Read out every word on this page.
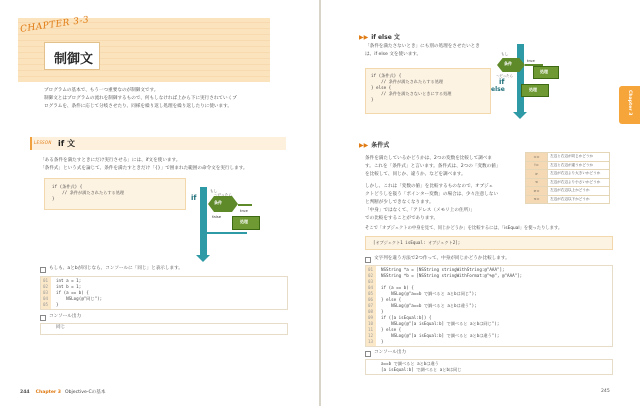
CHAPTER 3-3
制御文
プログラムの基本で、もう一つ重要なのが制御文です。
制御文とはプログラムの流れを制御するもので、何もしなければ上から下に実行されていくプ
ログラムを、条件に応じて分岐させたり、同様を繰り返し処理を繰り返したりに使います。
LESSON if 文
「ある条件を満たすときにだけ実行させる」には、if文を使います。
「条件式」という式を論じて、条件を満たすときだけ「{}」で囲まれた範囲の命令文を実行します。
if (条件式) {
// 条件が満たされたらする処理
}
条件
if
もし
〜だったら
true
false
処理
もしも、aとbが同じなら、コンソールに「同じ」と表示します。
01
02
03
04
05
int a = 1;
int b = 1;
if (a == b) {
NSLog(@"同じ");
}
コンソール出力
同じ
244 Chapter 3 Objective-Cの基本
▶▶ if else 文
「条件を満たさないとき」にも別の処理をさせたいとき
は、if else 文を使います。
if (条件式) {
// 条件が満たされたらする処理
} else {
// 条件を満たさないときにする処理
}
条件
もし
〜だったら
if
else
true
処理
処理
Chapter 3
▶▶ 条件式
条件を満たしているかどうかは、2つの変数を比較して調べま
す。これを「条件式」と言います。条件式は、2つの「変数の値」
を比較して、同じか、違うか、などを調べます。
しかし、これは「変数の値」を比較するものなので、オブジェ
クトどうしを扱う「ポインター変数」の場合は、少々注意しない
と判断が少しできなくなります。
「中身」ではなくて、「アドレス（メモリ上の住所）」
での比較をすることがであります。
そこで「オブジェクトの中身を見て、同じかどうか」を比較するには、「isEqual」を使ったりします。
==	左辺と右辺が同じかどうか
!=	左辺と右辺が違うかどうか
>	左辺が右辺より大きいかどうか
<	左辺が右辺より小さいかどうか
>=	左辺が右辺以上かどうか
<=	左辺が右辺以下かどうか
[オブジェクト1 isEqual: オブジェクト2];
文字列を違う方法で2つ作って、中身が同じかどうか比較します。
01
02
03
04
05
06
07
08
09
10
11
12
13
NSString *a = [NSString stringWithString:@"AAA"];
NSString *b = [NSString stringWithFormat:@"%@", @"AAA"];

if (a == b) {
NSLog(@"a==b で調べると aとbは同じ");
} else {
NSLog(@"a==b で調べると aとbは違う");
}
if ([a isEqual:b]) {
NSLog(@"[a isEqual:b] で調べると aとbは同じ");
} else {
NSLog(@"[a isEqual:b] で調べると aとbは違う");
}
コンソール出力
a==b で調べると aとbは違う
[a isEqual:b] で調べると aとbは同じ
245
